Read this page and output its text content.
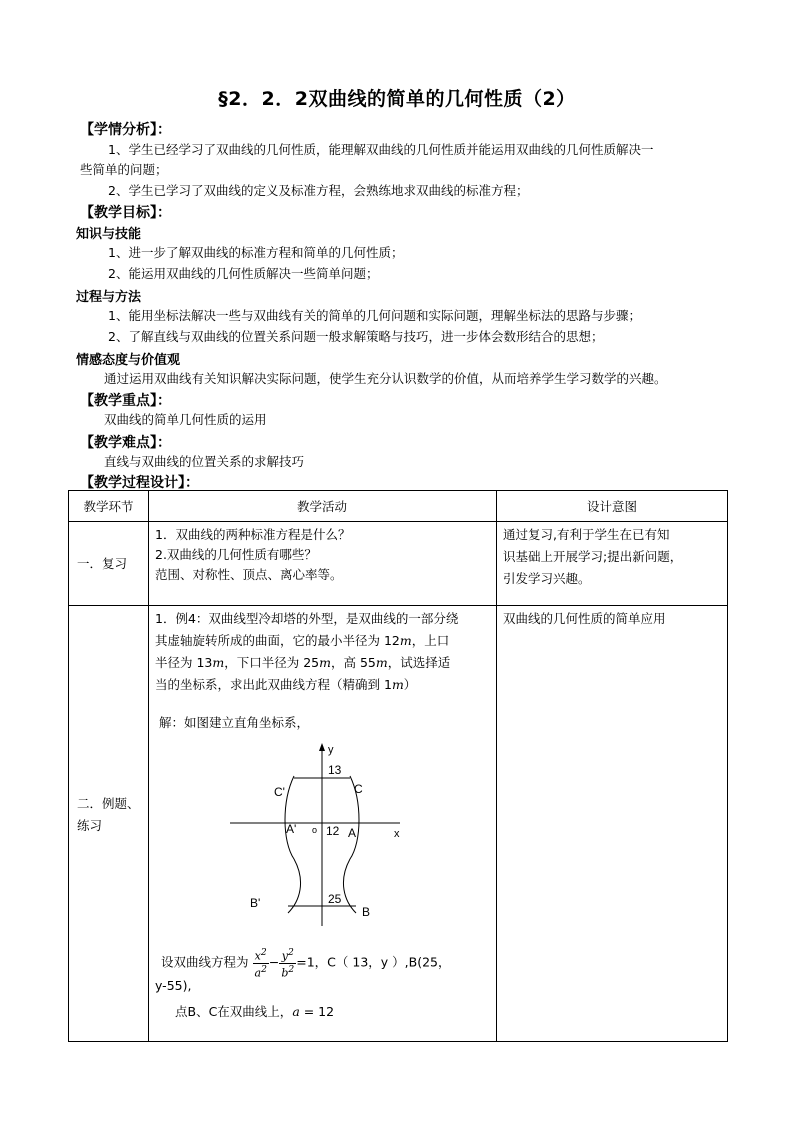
§2．2．2双曲线的简单的几何性质（2）
【学情分析】：
1、学生已经学习了双曲线的几何性质，能理解双曲线的几何性质并能运用双曲线的几何性质解决一
些简单的问题；
2、学生已学习了双曲线的定义及标准方程，会熟练地求双曲线的标准方程；
【教学目标】：
知识与技能
1、进一步了解双曲线的标准方程和简单的几何性质；
2、能运用双曲线的几何性质解决一些简单问题；
过程与方法
1、能用坐标法解决一些与双曲线有关的简单的几何问题和实际问题，理解坐标法的思路与步骤；
2、了解直线与双曲线的位置关系问题一般求解策略与技巧，进一步体会数形结合的思想；
情感态度与价值观
通过运用双曲线有关知识解决实际问题，使学生充分认识数学的价值，从而培养学生学习数学的兴趣。
【教学重点】：
双曲线的简单几何性质的运用
【教学难点】：
直线与双曲线的位置关系的求解技巧
【教学过程设计】：
教学环节	教学活动	设计意图
一．复习
1．双曲线的两种标准方程是什么？
2.双曲线的几何性质有哪些？
范围、对称性、顶点、离心率等。
通过复习,有利于学生在已有知
识基础上开展学习;提出新问题，
引发学习兴趣。
二．例题、
练习
1．例4：双曲线型冷却塔的外型，是双曲线的一部分绕
其虚轴旋转所成的曲面，它的最小半径为 12m，上口
半径为 13m，下口半径为 25m，高 55m，试选择适
当的坐标系，求出此双曲线方程（精确到 1m）
解：如图建立直角坐标系，
y
x
o
13
12
25
C
C'
A
A'
B
B'
设双曲线方程为 $\frac{x^2}{a^2} - \frac{y^2}{b^2} =1$，C（ 13，y ）,B(25，
y-55),
点B、C在双曲线上，a = 12
双曲线的几何性质的简单应用
